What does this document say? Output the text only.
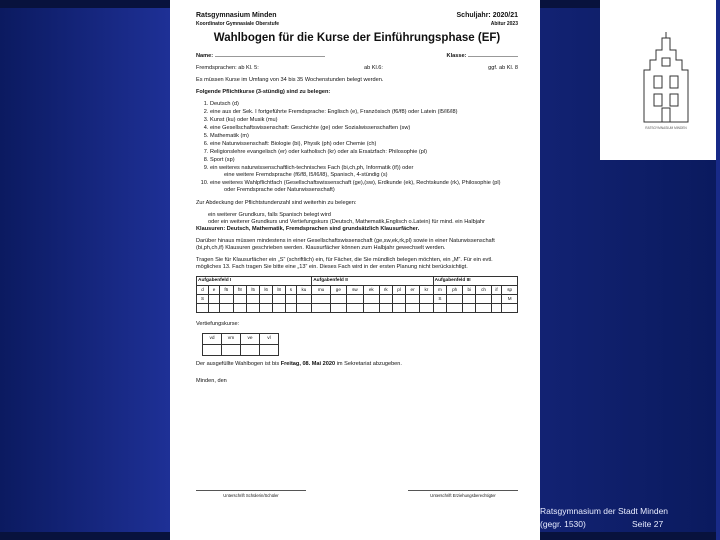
RATSGYMNASIUM MINDEN
Ratsgymnasium Minden	Schuljahr: 2020/21
Koordinator Gymnasiale Oberstufe	Abitur 2023
Wahlbogen für die Kurse der Einführungsphase (EF)

Name:	Klasse:

Fremdsprachen: ab Kl. 5:	ab Kl.6:	ggf. ab Kl. 8

Es müssen Kurse im Umfang von 34 bis 35 Wochenstunden belegt werden.

Folgende Pflichtkurse (3-stündig) sind zu belegen:

1. Deutsch (d)
2. eine aus der Sek. I fortgeführte Fremdsprache: Englisch (e), Französisch (f6/f8) oder Latein (l5/l6/l8)
3. Kunst (ku) oder Musik (mu)
4. eine Gesellschaftswissenschaft: Geschichte (ge) oder Sozialwissenschaften (sw)
5. Mathematik (m)
6. eine Naturwissenschaft: Biologie (bi), Physik (ph) oder Chemie (ch)
7. Religionslehre evangelisch (er) oder katholisch (kr) oder als Ersatzfach: Philosophie (pl)
8. Sport (sp)
9. ein weiteres naturwissenschaftlich-technisches Fach (bi,ch,ph, Informatik (if)) oder
eine weitere Fremdsprache (f6/f8, l5/l6/l8), Spanisch, 4-stündig (s)
10. eine weiteres Wahlpflichtfach (Gesellschaftswissenschaft (ge),(sw), Erdkunde (ek), Rechtskunde (rk), Philosophie (pl)
oder Fremdsprache oder Naturwissenschaft)

Zur Abdeckung der Pflichtstundenzahl sind weiterhin zu belegen:

ein weiterer Grundkurs, falls Spanisch belegt wird
oder ein weiterer Grundkurs und Vertiefungskurs (Deutsch, Mathematik,Englisch o.Latein) für mind. ein Halbjahr

Klausuren: Deutsch, Mathematik, Fremdsprachen sind grundsätzlich Klausurfächer.

Darüber hinaus müssen mindestens in einer Gesellschaftswissenschaft (ge,sw,ek,rk,pl) sowie in einer Naturwissenschaft (bi,ph,ch,if) Klausuren geschrieben werden. Klausurfächer können zum Halbjahr gewechselt werden.

Tragen Sie für Klausurfächer ein „S“ (schriftlich) ein, für Fächer, die Sie mündlich belegen möchten, ein „M“. Für ein evtl. mögliches 13. Fach tragen Sie bitte eine „13“ ein. Dieses Fach wird in der ersten Planung nicht berücksichtigt.

Aufgabenfeld I									Aufgabenfeld II								Aufgabenfeld III					
d	e	f6	f8	l5	l6	l8	s	ku	mu	ge	sw	ek	rk	pl	er	kr	m	ph	bi	ch	if	sp
S																	S					M

Vertiefungskurse:

vd	vm	ve	vl

Der ausgefüllte Wahlbogen ist bis Freitag, 08. Mai 2020 im Sekretariat abzugeben.

Minden, den

Unterschrift Schülerin/Schüler	Unterschrift Erziehungsberechtigter
Ratsgymnasium der Stadt Minden
(gegr. 1530)	Seite 27
